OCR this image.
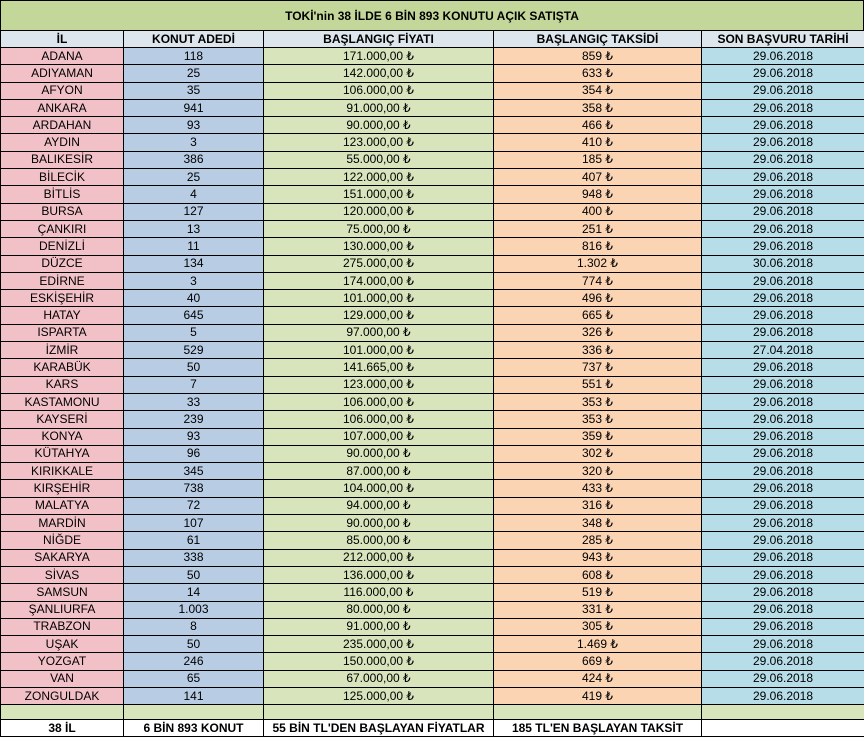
TOKİ'nin 38 İLDE 6 BİN 893 KONUTU AÇIK SATIŞTA
İL	KONUT ADEDİ	BAŞLANGIÇ FİYATI	BAŞLANGIÇ TAKSİDİ	SON BAŞVURU TARİHİ
ADANA	118	171.000,00 ₺	859 ₺	29.06.2018
ADIYAMAN	25	142.000,00 ₺	633 ₺	29.06.2018
AFYON	35	106.000,00 ₺	354 ₺	29.06.2018
ANKARA	941	91.000,00 ₺	358 ₺	29.06.2018
ARDAHAN	93	90.000,00 ₺	466 ₺	29.06.2018
AYDIN	3	123.000,00 ₺	410 ₺	29.06.2018
BALIKESİR	386	55.000,00 ₺	185 ₺	29.06.2018
BİLECİK	25	122.000,00 ₺	407 ₺	29.06.2018
BİTLİS	4	151.000,00 ₺	948 ₺	29.06.2018
BURSA	127	120.000,00 ₺	400 ₺	29.06.2018
ÇANKIRI	13	75.000,00 ₺	251 ₺	29.06.2018
DENİZLİ	11	130.000,00 ₺	816 ₺	29.06.2018
DÜZCE	134	275.000,00 ₺	1.302 ₺	30.06.2018
EDİRNE	3	174.000,00 ₺	774 ₺	29.06.2018
ESKİŞEHİR	40	101.000,00 ₺	496 ₺	29.06.2018
HATAY	645	129.000,00 ₺	665 ₺	29.06.2018
ISPARTA	5	97.000,00 ₺	326 ₺	29.06.2018
İZMİR	529	101.000,00 ₺	336 ₺	27.04.2018
KARABÜK	50	141.665,00 ₺	737 ₺	29.06.2018
KARS	7	123.000,00 ₺	551 ₺	29.06.2018
KASTAMONU	33	106.000,00 ₺	353 ₺	29.06.2018
KAYSERİ	239	106.000,00 ₺	353 ₺	29.06.2018
KONYA	93	107.000,00 ₺	359 ₺	29.06.2018
KÜTAHYA	96	90.000,00 ₺	302 ₺	29.06.2018
KIRIKKALE	345	87.000,00 ₺	320 ₺	29.06.2018
KIRŞEHİR	738	104.000,00 ₺	433 ₺	29.06.2018
MALATYA	72	94.000,00 ₺	316 ₺	29.06.2018
MARDİN	107	90.000,00 ₺	348 ₺	29.06.2018
NİĞDE	61	85.000,00 ₺	285 ₺	29.06.2018
SAKARYA	338	212.000,00 ₺	943 ₺	29.06.2018
SİVAS	50	136.000,00 ₺	608 ₺	29.06.2018
SAMSUN	14	116.000,00 ₺	519 ₺	29.06.2018
ŞANLIURFA	1.003	80.000,00 ₺	331 ₺	29.06.2018
TRABZON	8	91.000,00 ₺	305 ₺	29.06.2018
UŞAK	50	235.000,00 ₺	1.469 ₺	29.06.2018
YOZGAT	246	150.000,00 ₺	669 ₺	29.06.2018
VAN	65	67.000,00 ₺	424 ₺	29.06.2018
ZONGULDAK	141	125.000,00 ₺	419 ₺	29.06.2018

38 İL	6 BİN 893 KONUT	55 BİN TL'DEN BAŞLAYAN FİYATLAR	185 TL'EN BAŞLAYAN TAKSİT	
